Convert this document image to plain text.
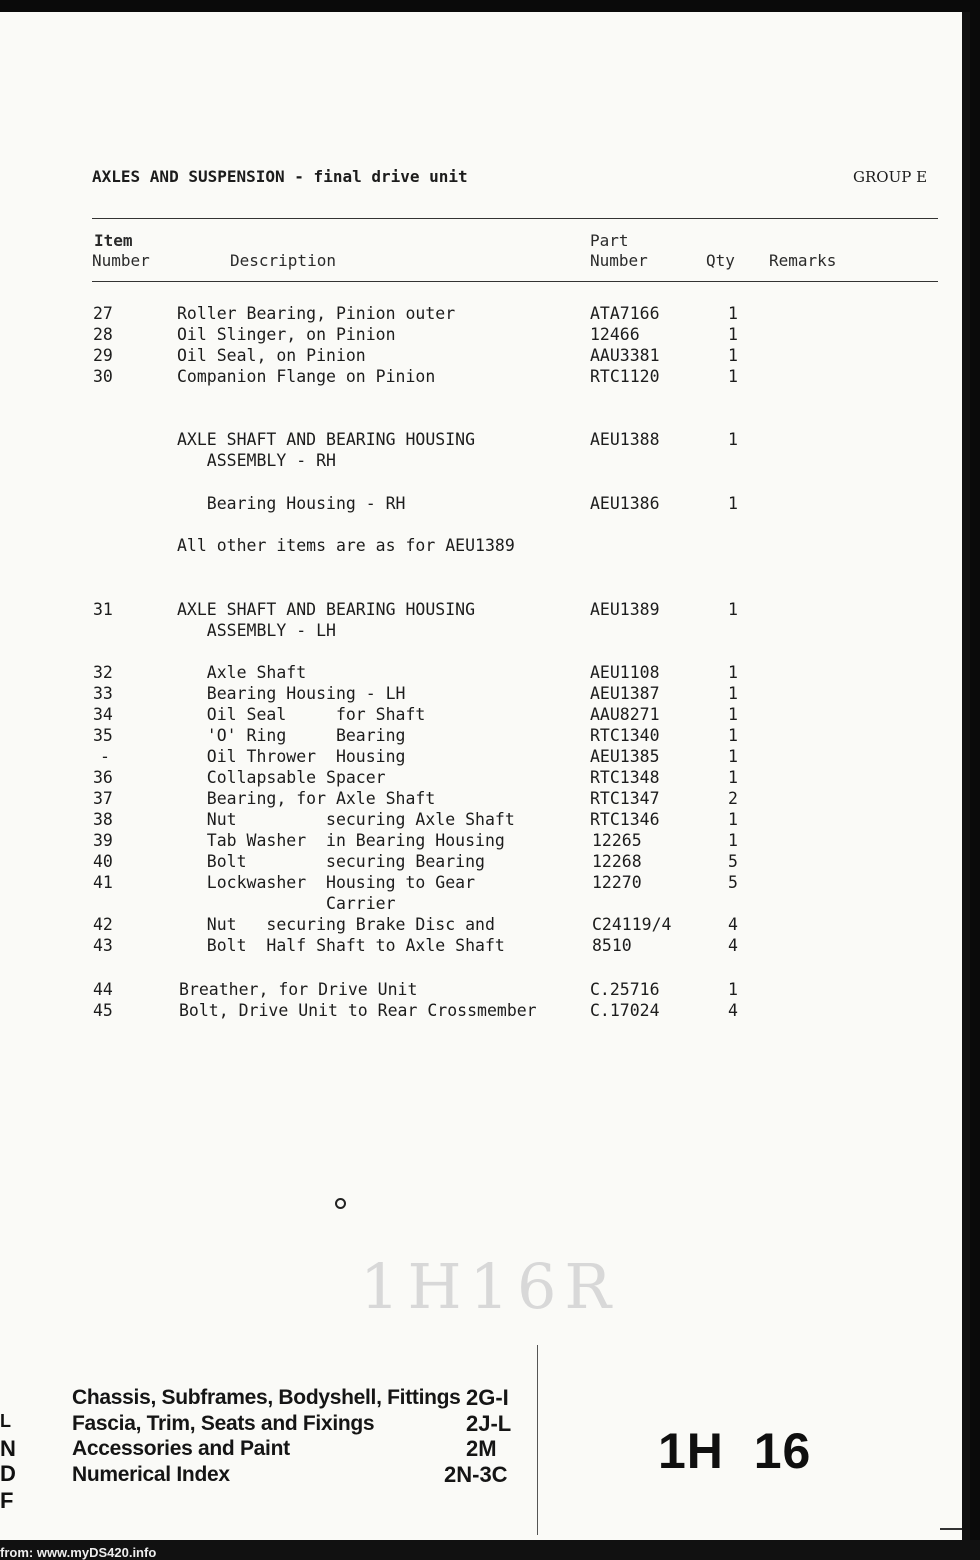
AXLES AND SUSPENSION - final drive unit	GROUP E
Item
Number	Description
Part
Number	Qty Remarks
27	Roller Bearing, Pinion outer	ATA7166	1
28	Oil Slinger, on Pinion	12466	1
29	Oil Seal, on Pinion	AAU3381	1
30	Companion Flange on Pinion	RTC1120	1
AXLE SHAFT AND BEARING HOUSING	AEU1388	1
ASSEMBLY - RH
Bearing Housing - RH	AEU1386	1
All other items are as for AEU1389
31	AXLE SHAFT AND BEARING HOUSING	AEU1389	1
ASSEMBLY - LH
32	Axle Shaft	AEU1108	1
33	Bearing Housing - LH	AEU1387	1
34	Oil Seal     for Shaft	AAU8271	1
35	'O' Ring     Bearing	RTC1340	1
-	Oil Thrower  Housing	AEU1385	1
36	Collapsable Spacer	RTC1348	1
37	Bearing, for Axle Shaft	RTC1347	2
38	Nut         securing Axle Shaft	RTC1346	1
39	Tab Washer  in Bearing Housing	12265	1
40	Bolt        securing Bearing	12268	5
41	Lockwasher  Housing to Gear	12270	5
Carrier
42	Nut   securing Brake Disc and	C24119/4	4
43	Bolt  Half Shaft to Axle Shaft	8510	4
44	Breather, for Drive Unit	C.25716	1
45	Bolt, Drive Unit to Rear Crossmember	C.17024	4
1H16R
Chassis, Subframes, Bodyshell, Fittings 2G-I
Fascia, Trim, Seats and Fixings	2J-L
Accessories and Paint	2M
Numerical Index	2N-3C
L
N
D
F
1H  16
from: www.myDS420.info
